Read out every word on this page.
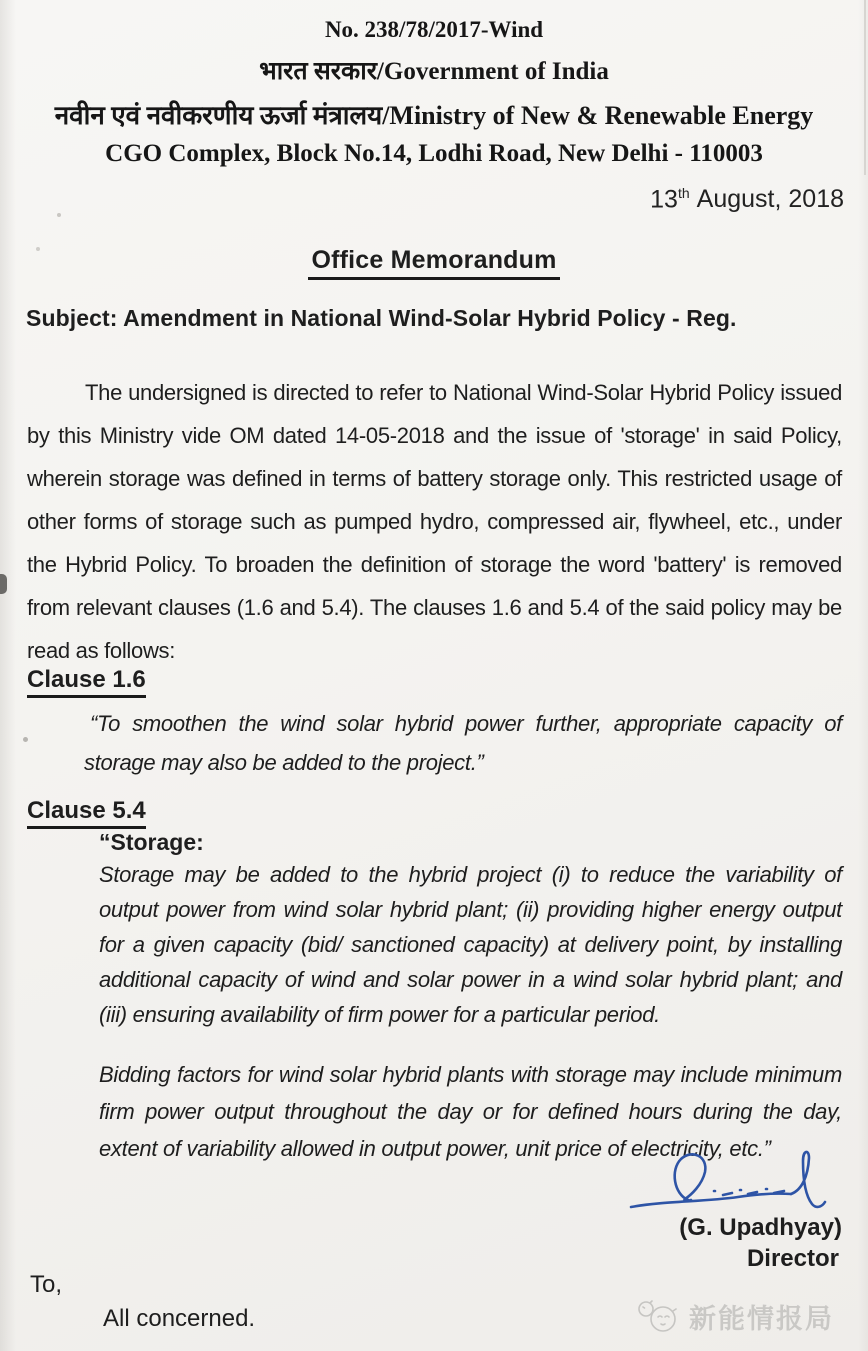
No. 238/78/2017-Wind
भारत सरकार/Government of India
नवीन एवं नवीकरणीय ऊर्जा मंत्रालय/Ministry of New & Renewable Energy
CGO Complex, Block No.14, Lodhi Road, New Delhi - 110003
13th August, 2018
Office Memorandum
Subject: Amendment in National Wind-Solar Hybrid Policy - Reg.

The undersigned is directed to refer to National Wind-Solar Hybrid Policy issued by this Ministry vide OM dated 14-05-2018 and the issue of 'storage' in said Policy, wherein storage was defined in terms of battery storage only. This restricted usage of other forms of storage such as pumped hydro, compressed air, flywheel, etc., under the Hybrid Policy. To broaden the definition of storage the word 'battery' is removed from relevant clauses (1.6 and 5.4). The clauses 1.6 and 5.4 of the said policy may be read as follows:

Clause 1.6

“To smoothen the wind solar hybrid power further, appropriate capacity of storage may also be added to the project.”

Clause 5.4
“Storage:

Storage may be added to the hybrid project (i) to reduce the variability of output power from wind solar hybrid plant; (ii) providing higher energy output for a given capacity (bid/ sanctioned capacity) at delivery point, by installing additional capacity of wind and solar power in a wind solar hybrid plant; and (iii) ensuring availability of firm power for a particular period.

Bidding factors for wind solar hybrid plants with storage may include minimum firm power output throughout the day or for defined hours during the day, extent of variability allowed in output power, unit price of electricity, etc.”

(G. Upadhyay)
Director
To,
All concerned.	新能情报局
